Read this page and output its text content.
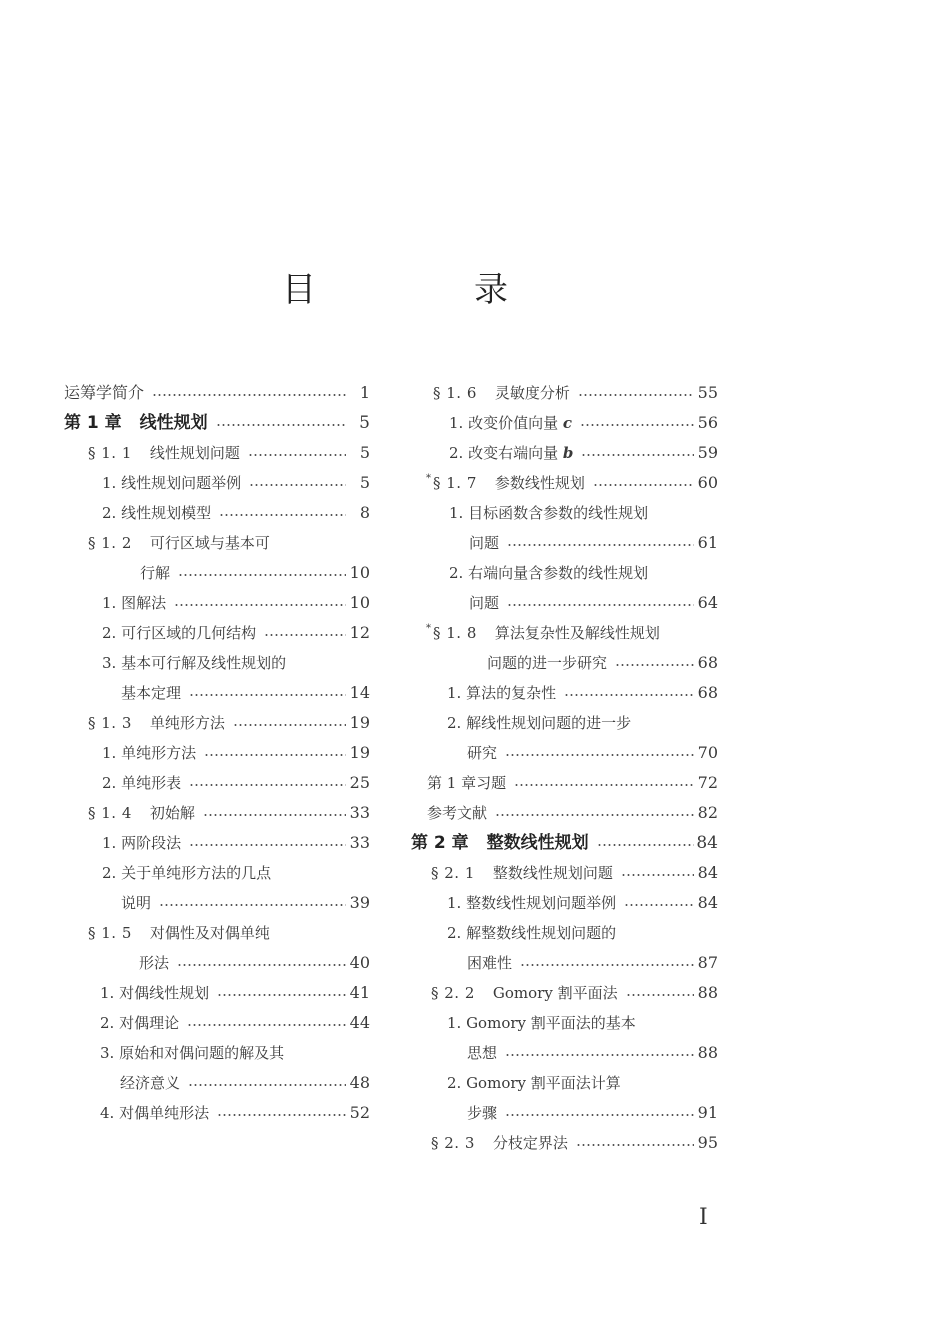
目　录
运筹学简介	1
第 1 章 线性规划	5
§ 1. 1 线性规划问题	5
1. 线性规划问题举例	5
2. 线性规划模型	8
§ 1. 2 可行区域与基本可
行解	10
1. 图解法	10
2. 可行区域的几何结构	12
3. 基本可行解及线性规划的
基本定理	14
§ 1. 3 单纯形方法	19
1. 单纯形方法	19
2. 单纯形表	25
§ 1. 4 初始解	33
1. 两阶段法	33
2. 关于单纯形方法的几点
说明	39
§ 1. 5 对偶性及对偶单纯
形法	40
1. 对偶线性规划	41
2. 对偶理论	44
3. 原始和对偶问题的解及其
经济意义	48
4. 对偶单纯形法	52
§ 1. 6 灵敏度分析	55
1. 改变价值向量 c	56
2. 改变右端向量 b	59
* § 1. 7 参数线性规划	60
1. 目标函数含参数的线性规划
问题	61
2. 右端向量含参数的线性规划
问题	64
* § 1. 8 算法复杂性及解线性规划
问题的进一步研究	68
1. 算法的复杂性	68
2. 解线性规划问题的进一步
研究	70
第 1 章习题	72
参考文献	82
第 2 章 整数线性规划	84
§ 2. 1 整数线性规划问题	84
1. 整数线性规划问题举例	84
2. 解整数线性规划问题的
困难性	87
§ 2. 2 Gomory 割平面法	88
1. Gomory 割平面法的基本
思想	88
2. Gomory 割平面法计算
步骤	91
§ 2. 3 分枝定界法	95
I
